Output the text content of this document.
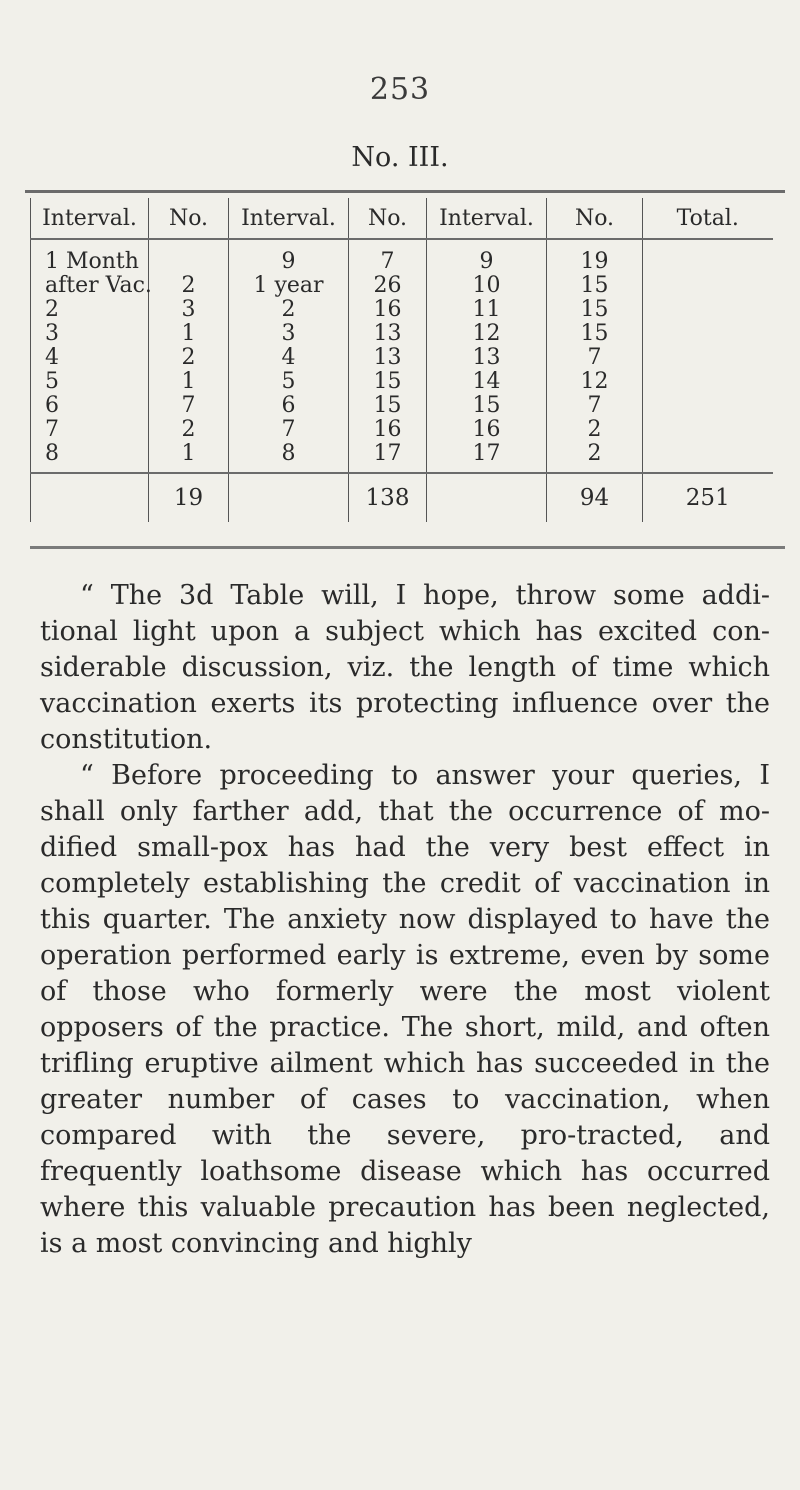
253
No. III.
Interval.	No.	Interval.	No.	Interval.	No.	Total.
1 Month		9	7	9	19	
after Vac.	2	1 year	26	10	15	
2	3	2	16	11	15	
3	1	3	13	12	15	
4	2	4	13	13	7	
5	1	5	15	14	12	
6	7	6	15	15	7	
7	2	7	16	16	2	
8	1	8	17	17	2	
	19		138		94	251

“ The 3d Table will, I hope, throw some addi-tional light upon a subject which has excited con-siderable discussion, viz. the length of time which vaccination exerts its protecting influence over the constitution.

“ Before proceeding to answer your queries, I shall only farther add, that the occurrence of mo-dified small-pox has had the very best effect in completely establishing the credit of vaccination in this quarter. The anxiety now displayed to have the operation performed early is extreme, even by some of those who formerly were the most violent opposers of the practice. The short, mild, and often trifling eruptive ailment which has succeeded in the greater number of cases to vaccination, when compared with the severe, pro-tracted, and frequently loathsome disease which has occurred where this valuable precaution has been neglected, is a most convincing and highly
